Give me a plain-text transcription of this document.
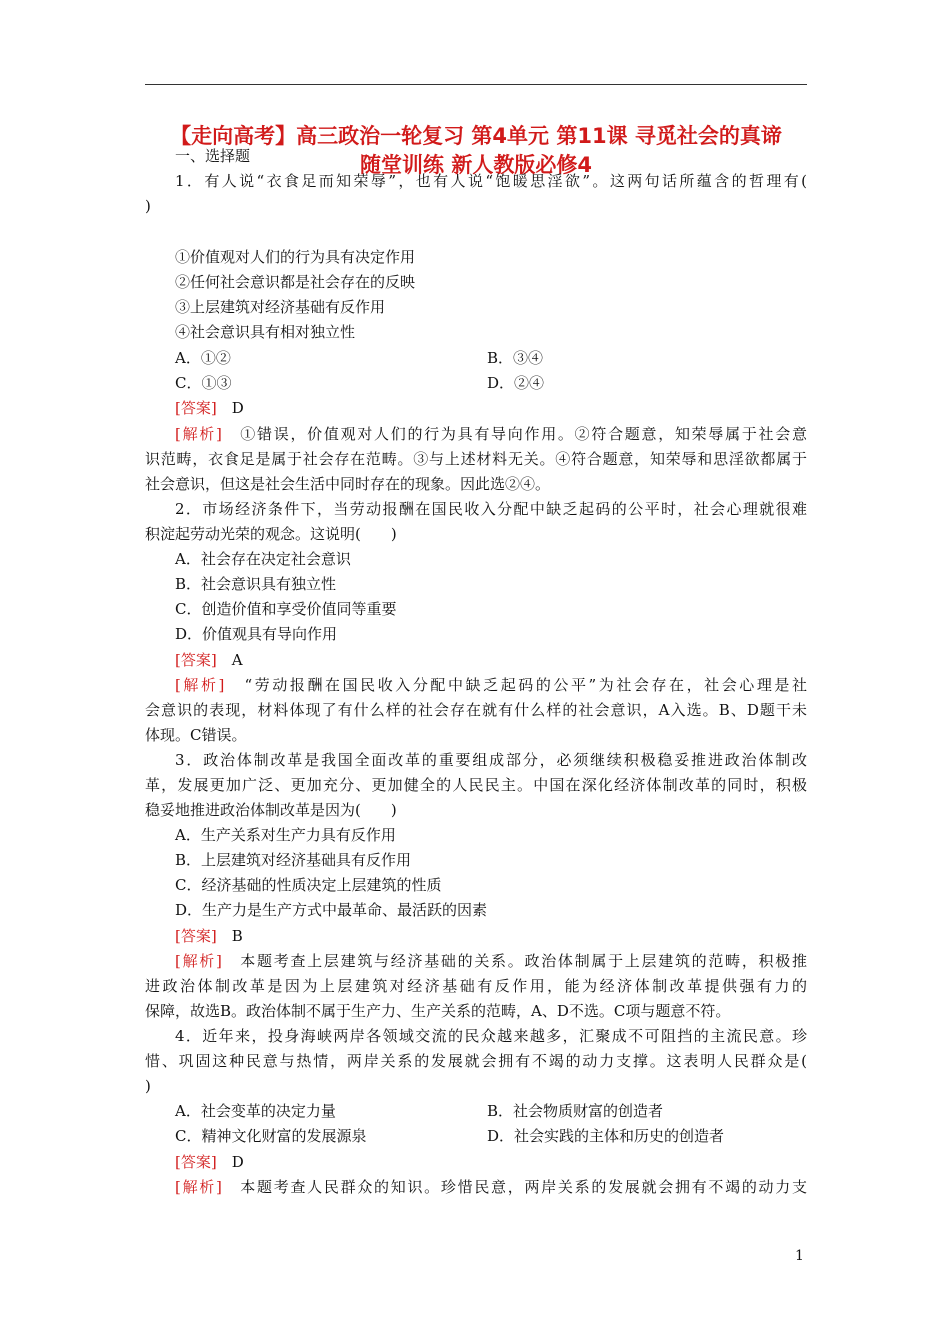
【走向高考】高三政治一轮复习 第4单元 第11课 寻觅社会的真谛
随堂训练 新人教版必修4
一、选择题
1．有人说“衣食足而知荣辱”，也有人说“饱暖思淫欲”。这两句话所蕴含的哲理有(
)
①价值观对人们的行为具有决定作用
②任何社会意识都是社会存在的反映
③上层建筑对经济基础有反作用
④社会意识具有相对独立性
A．①②	B．③④
C．①③	D．②④
[答案]　 D
[解析]　 ①错误，价值观对人们的行为具有导向作用。②符合题意，知荣辱属于社会意
识范畴，衣食足是属于社会存在范畴。③与上述材料无关。④符合题意，知荣辱和思淫欲都属于
社会意识，但这是社会生活中同时存在的现象。因此选②④。
2．市场经济条件下，当劳动报酬在国民收入分配中缺乏起码的公平时，社会心理就很难
积淀起劳动光荣的观念。这说明(　　)
A．社会存在决定社会意识
B．社会意识具有独立性
C．创造价值和享受价值同等重要
D．价值观具有导向作用
[答案]　 A
[解析]　 “劳动报酬在国民收入分配中缺乏起码的公平”为社会存在，社会心理是社
会意识的表现，材料体现了有什么样的社会存在就有什么样的社会意识，A入选。B、D题干未
体现。C错误。
3．政治体制改革是我国全面改革的重要组成部分，必须继续积极稳妥推进政治体制改
革，发展更加广泛、更加充分、更加健全的人民民主。中国在深化经济体制改革的同时，积极
稳妥地推进政治体制改革是因为(　　)
A．生产关系对生产力具有反作用
B．上层建筑对经济基础具有反作用
C．经济基础的性质决定上层建筑的性质
D．生产力是生产方式中最革命、最活跃的因素
[答案]　 B
[解析]　 本题考查上层建筑与经济基础的关系。政治体制属于上层建筑的范畴，积极推
进政治体制改革是因为上层建筑对经济基础有反作用，能为经济体制改革提供强有力的
保障，故选B。政治体制不属于生产力、生产关系的范畴，A、D不选。C项与题意不符。
4．近年来，投身海峡两岸各领域交流的民众越来越多，汇聚成不可阻挡的主流民意。珍
惜、巩固这种民意与热情，两岸关系的发展就会拥有不竭的动力支撑。这表明人民群众是(
)
A．社会变革的决定力量	B．社会物质财富的创造者
C．精神文化财富的发展源泉	D．社会实践的主体和历史的创造者
[答案]　 D
[解析]　 本题考查人民群众的知识。珍惜民意，两岸关系的发展就会拥有不竭的动力支
1
